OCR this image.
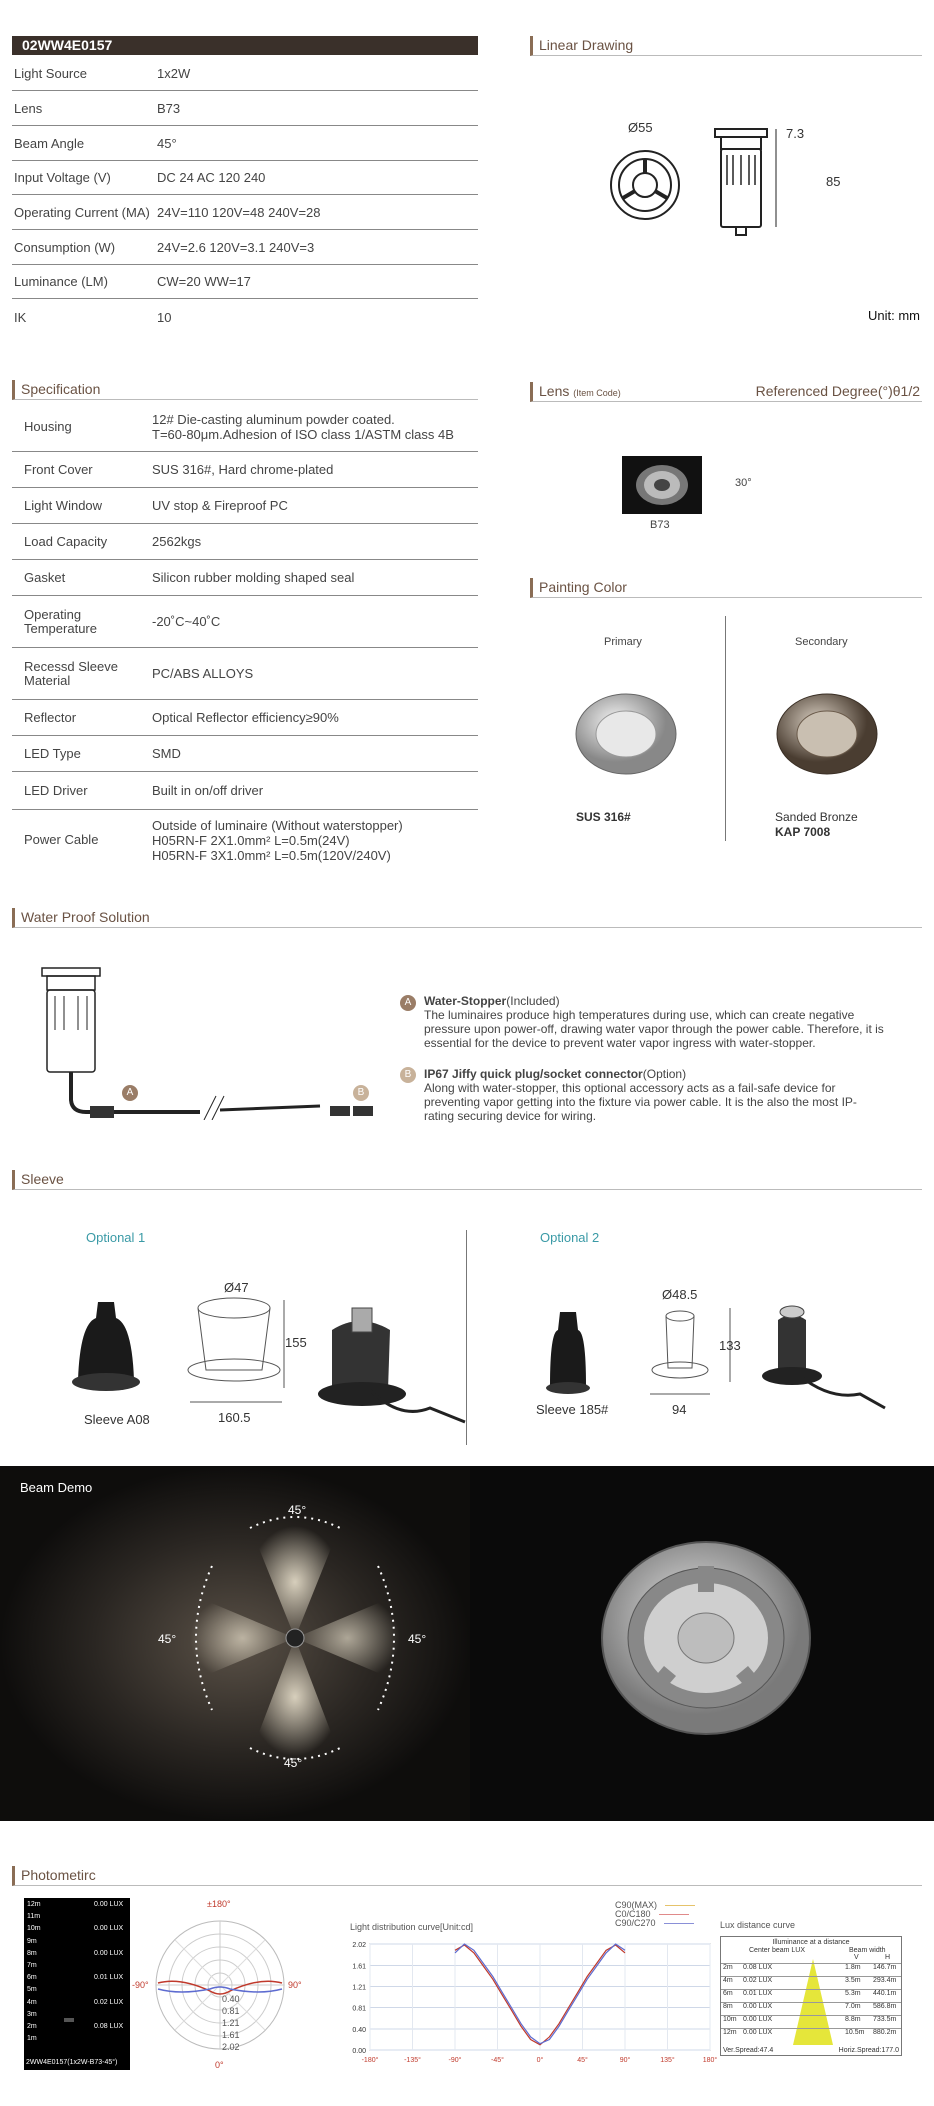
02WW4E0157
Light Source	1x2W
Lens	B73
Beam Angle	45°
Input Voltage (V)	DC 24 AC 120 240
Operating Current (MA) 24V=110 120V=48 240V=28
Consumption (W)	24V=2.6 120V=3.1 240V=3
Luminance (LM)	CW=20 WW=17
IK	10
Linear Drawing
Ø55	7.3
85
Unit: mm
Specification
Housing	12# Die-casting aluminum powder coated.
T=60-80μm.Adhesion of ISO class 1/ASTM class 4B
Front Cover	SUS 316#, Hard chrome-plated
Light Window	UV stop & Fireproof PC
Load Capacity	2562kgs
Gasket	Silicon rubber molding shaped seal
Operating Temperature	-20˚C~40˚C
Recessd Sleeve Material	PC/ABS ALLOYS
Reflector	Optical Reflector efficiency≥90%
LED Type	SMD
LED Driver	Built in on/off driver
Power Cable
Outside of luminaire (Without waterstopper)
H05RN-F 2X1.0mm² L=0.5m(24V)
H05RN-F 3X1.0mm² L=0.5m(120V/240V)
Lens (Item Code)	Referenced Degree(°)θ1/2
B73
30°
Painting Color
Primary	Secondary
SUS 316#	Sanded Bronze
KAP 7008
Water Proof Solution
A	B
A	Water-Stopper(Included)
The luminaires produce high temperatures during use, which can create negative pressure upon power-off, drawing water vapor through the power cable. Therefore, it is essential for the device to prevent water vapor ingress with water-stopper.
B	IP67 Jiffy quick plug/socket connector(Option)
Along with water-stopper, this optional accessory acts as a fail-safe device for preventing vapor getting into the fixture via power cable. It is the also the most IP-rating securing device for wiring.
Sleeve
Optional 1	Optional 2
Ø47
155
160.5
Sleeve A08
Ø48.5
133
94
Sleeve 185#
Beam Demo
45°
45°	45°
45°
Photometirc
12m	0.00 LUX
11m
10m	0.00 LUX
9m
8m	0.00 LUX
7m
6m	0.01 LUX
5m
4m	0.02 LUX
3m
2m	0.08 LUX
1m
2WW4E0157(1x2W-B73-45°)
±180°
-90°	90°
0°
0.40
0.81
1.21
1.61
2.02
C90(MAX)
C0/C180
C90/C270
Light distribution curve[Unit:cd]
0.00
0.40
0.81
1.21
1.61
2.02
-180°	-135°	-90°	-45°	0°	45°	90°	135°	180°
Lux distance curve
Illuminance at a distance
Center beam LUX	Beam width
V	H
2m 0.08 LUX	1.8m 146.7m
4m 0.02 LUX	3.5m 293.4m
6m 0.01 LUX	5.3m 440.1m
8m 0.00 LUX	7.0m 586.8m
10m 0.00 LUX	8.8m 733.5m
12m 0.00 LUX	10.5m 880.2m
Ver.Spread:47.4	Horiz.Spread:177.0
